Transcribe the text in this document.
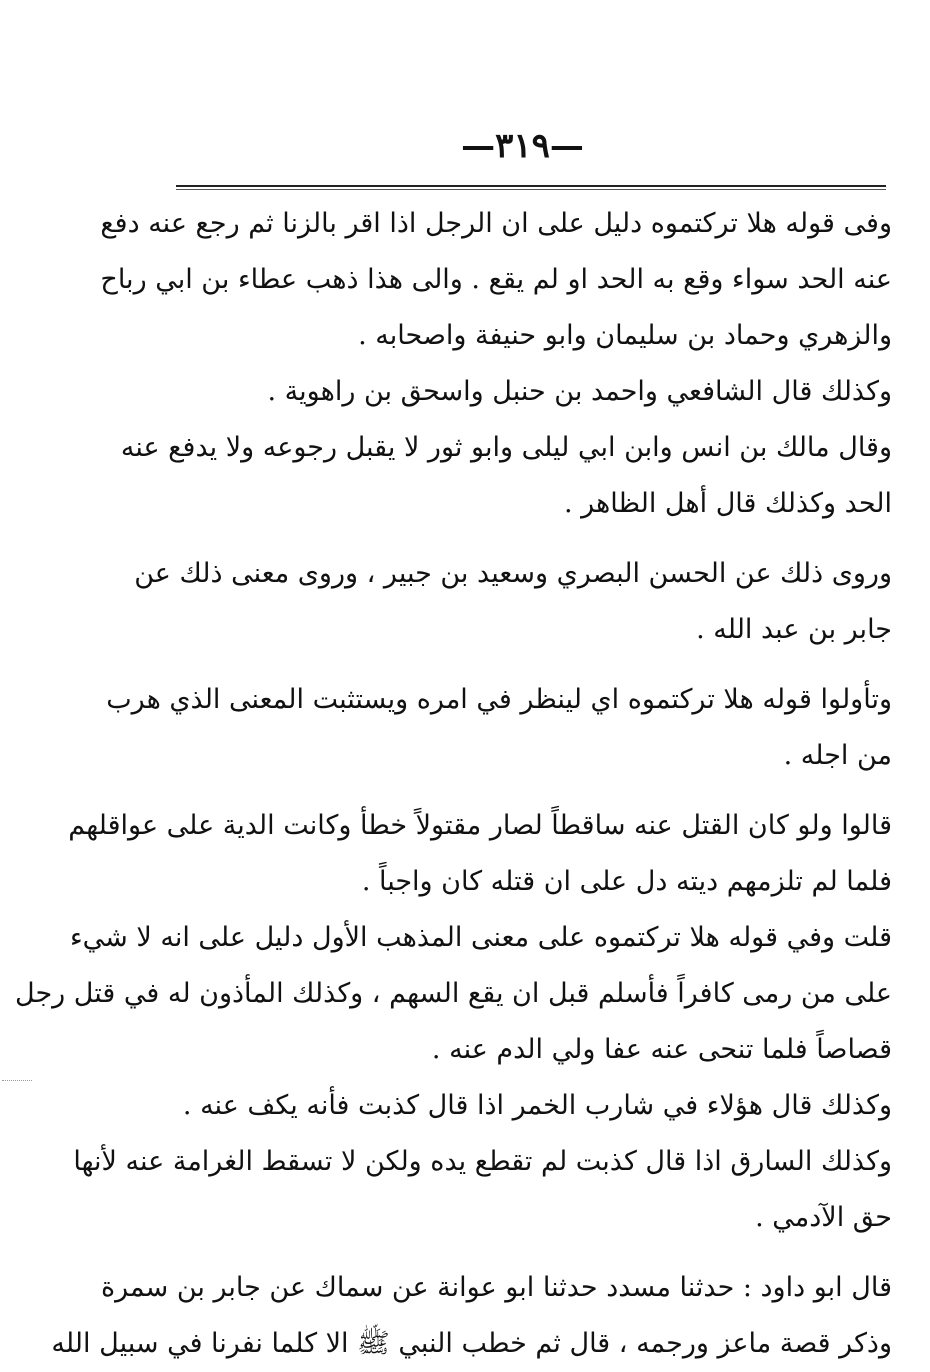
—٣١٩—

وفى قوله هلا تركتموه دليل على ان الرجل اذا اقر بالزنا ثم رجع عنه دفع
عنه الحد سواء وقع به الحد او لم يقع . والى هذا ذهب عطاء بن ابي رباح
والزهري وحماد بن سليمان وابو حنيفة واصحابه .

وكذلك قال الشافعي واحمد بن حنبل واسحق بن راهوية .

وقال مالك بن انس وابن ابي ليلى وابو ثور لا يقبل رجوعه ولا يدفع عنه
الحد وكذلك قال أهل الظاهر .

وروى ذلك عن الحسن البصري وسعيد بن جبير ، وروى معنى ذلك عن
جابر بن عبد الله .

وتأولوا قوله هلا تركتموه اي لينظر في امره ويستثبت المعنى الذي هرب
من اجله .

قالوا ولو كان القتل عنه ساقطاً لصار مقتولاً خطأ وكانت الدية على عواقلهم
فلما لم تلزمهم ديته دل على ان قتله كان واجباً .

قلت وفي قوله هلا تركتموه على معنى المذهب الأول دليل على انه لا شيء
على من رمى كافراً فأسلم قبل ان يقع السهم ، وكذلك المأذون له في قتل رجل
قصاصاً فلما تنحى عنه عفا ولي الدم عنه .

وكذلك قال هؤلاء في شارب الخمر اذا قال كذبت فأنه يكف عنه .
وكذلك السارق اذا قال كذبت لم تقطع يده ولكن لا تسقط الغرامة عنه لأنها
حق الآدمي .

قال ابو داود : حدثنا مسدد حدثنا ابو عوانة عن سماك عن جابر بن سمرة
وذكر قصة ماعز ورجمه ، قال ثم خطب النبي ﷺ الا كلما نفرنا في سبيل الله
